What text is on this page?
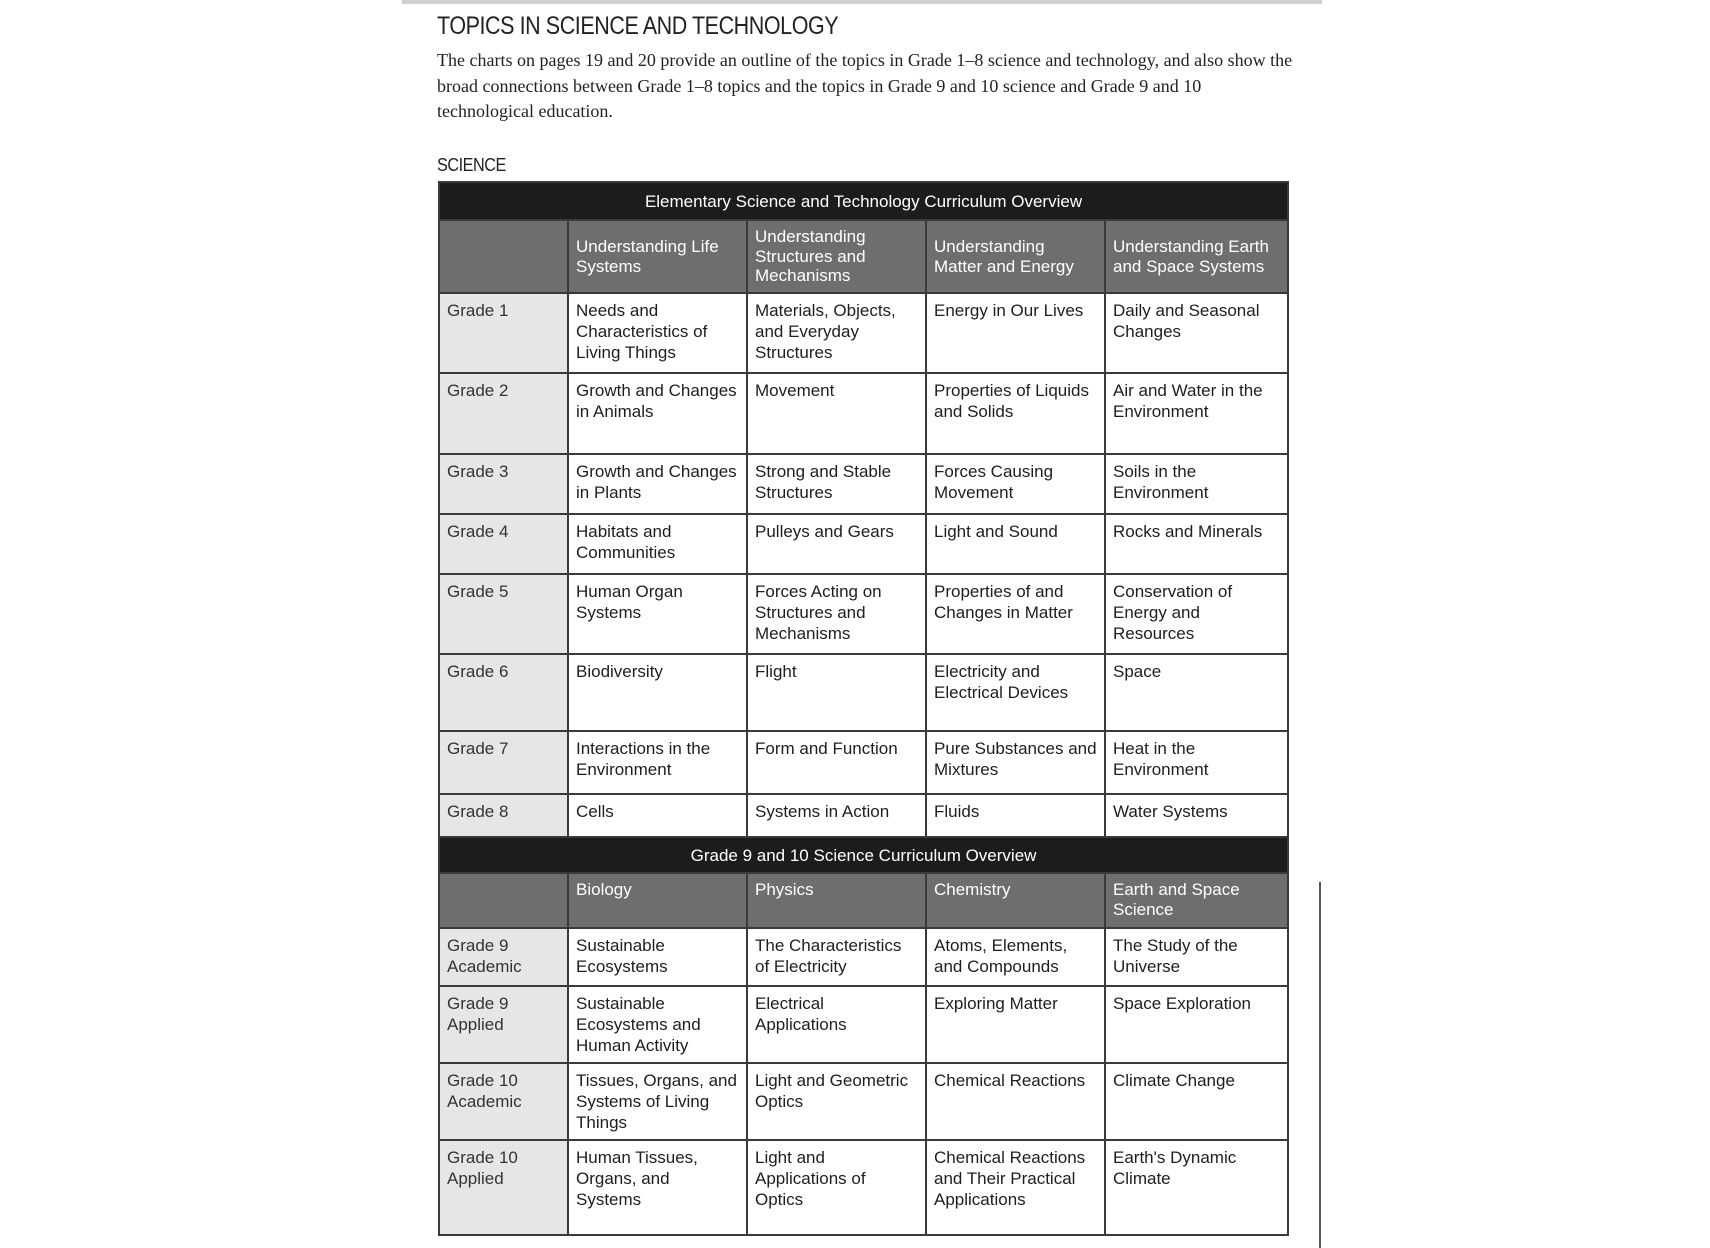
TOPICS IN SCIENCE AND TECHNOLOGY
The charts on pages 19 and 20 provide an outline of the topics in Grade 1–8 science and technology, and also show the broad connections between Grade 1–8 topics and the topics in Grade 9 and 10 science and Grade 9 and 10 technological education.
SCIENCE
Elementary Science and Technology Curriculum Overview				
	Understanding Life Systems	Understanding Structures and Mechanisms	Understanding Matter and Energy	Understanding Earth and Space Systems
Grade 1	Needs and Characteristics of Living Things	Materials, Objects, and Everyday Structures	Energy in Our Lives	Daily and Seasonal Changes
Grade 2	Growth and Changes in Animals	Movement	Properties of Liquids and Solids	Air and Water in the Environment
Grade 3	Growth and Changes in Plants	Strong and Stable Structures	Forces Causing Movement	Soils in the Environment
Grade 4	Habitats and Communities	Pulleys and Gears	Light and Sound	Rocks and Minerals
Grade 5	Human Organ Systems	Forces Acting on Structures and Mechanisms	Properties of and Changes in Matter	Conservation of Energy and Resources
Grade 6	Biodiversity	Flight	Electricity and Electrical Devices	Space
Grade 7	Interactions in the Environment	Form and Function	Pure Substances and Mixtures	Heat in the Environment
Grade 8	Cells	Systems in Action	Fluids	Water Systems
Grade 9 and 10 Science Curriculum Overview				
	Biology	Physics	Chemistry	Earth and Space Science

Grade 9
Academic	Sustainable Ecosystems	The Characteristics of Electricity	Atoms, Elements, and Compounds	The Study of the Universe

Grade 9
Applied	Sustainable Ecosystems and Human Activity	Electrical Applications	Exploring Matter	Space Exploration

Grade 10
Academic	Tissues, Organs, and Systems of Living Things	Light and Geometric Optics	Chemical Reactions	Climate Change

Grade 10
Applied	Human Tissues, Organs, and Systems	Light and Applications of Optics	Chemical Reactions and Their Practical Applications	Earth's Dynamic Climate
